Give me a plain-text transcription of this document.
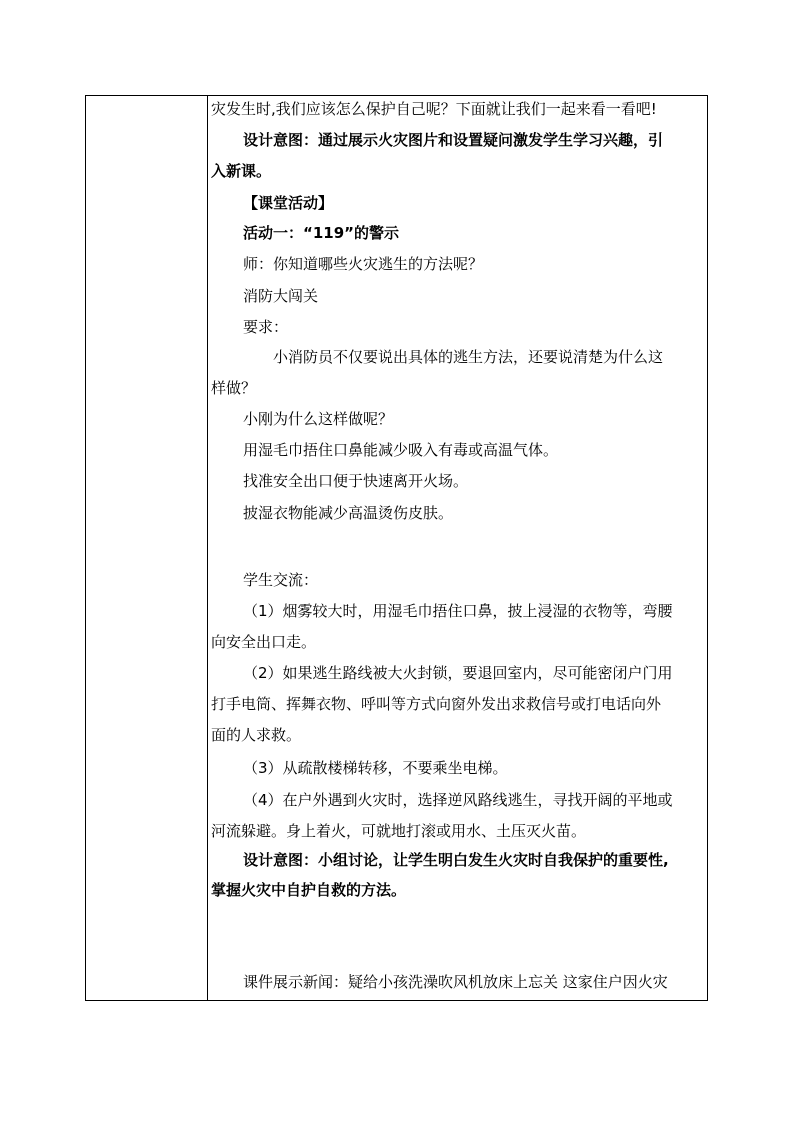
灾发生时,我们应该怎么保护自己呢？下面就让我们一起来看一看吧!
设计意图：通过展示火灾图片和设置疑问激发学生学习兴趣，引
入新课。
【课堂活动】
活动一：“119”的警示
师：你知道哪些火灾逃生的方法呢？
消防大闯关
要求：
小消防员不仅要说出具体的逃生方法，还要说清楚为什么这
样做？
小刚为什么这样做呢？
用湿毛巾捂住口鼻能减少吸入有毒或高温气体。
找准安全出口便于快速离开火场。
披湿衣物能减少高温烫伤皮肤。
学生交流：
（1）烟雾较大时，用湿毛巾捂住口鼻，披上浸湿的衣物等，弯腰
向安全出口走。
（2）如果逃生路线被大火封锁，要退回室内，尽可能密闭户门用
打手电筒、挥舞衣物、呼叫等方式向窗外发出求救信号或打电话向外
面的人求救。
（3）从疏散楼梯转移，不要乘坐电梯。
（4）在户外遇到火灾时，选择逆风路线逃生，寻找开阔的平地或
河流躲避。身上着火，可就地打滚或用水、土压灭火苗。
设计意图：小组讨论，让学生明白发生火灾时自我保护的重要性,
掌握火灾中自护自救的方法。
课件展示新闻：疑给小孩洗澡吹风机放床上忘关 这家住户因火灾
